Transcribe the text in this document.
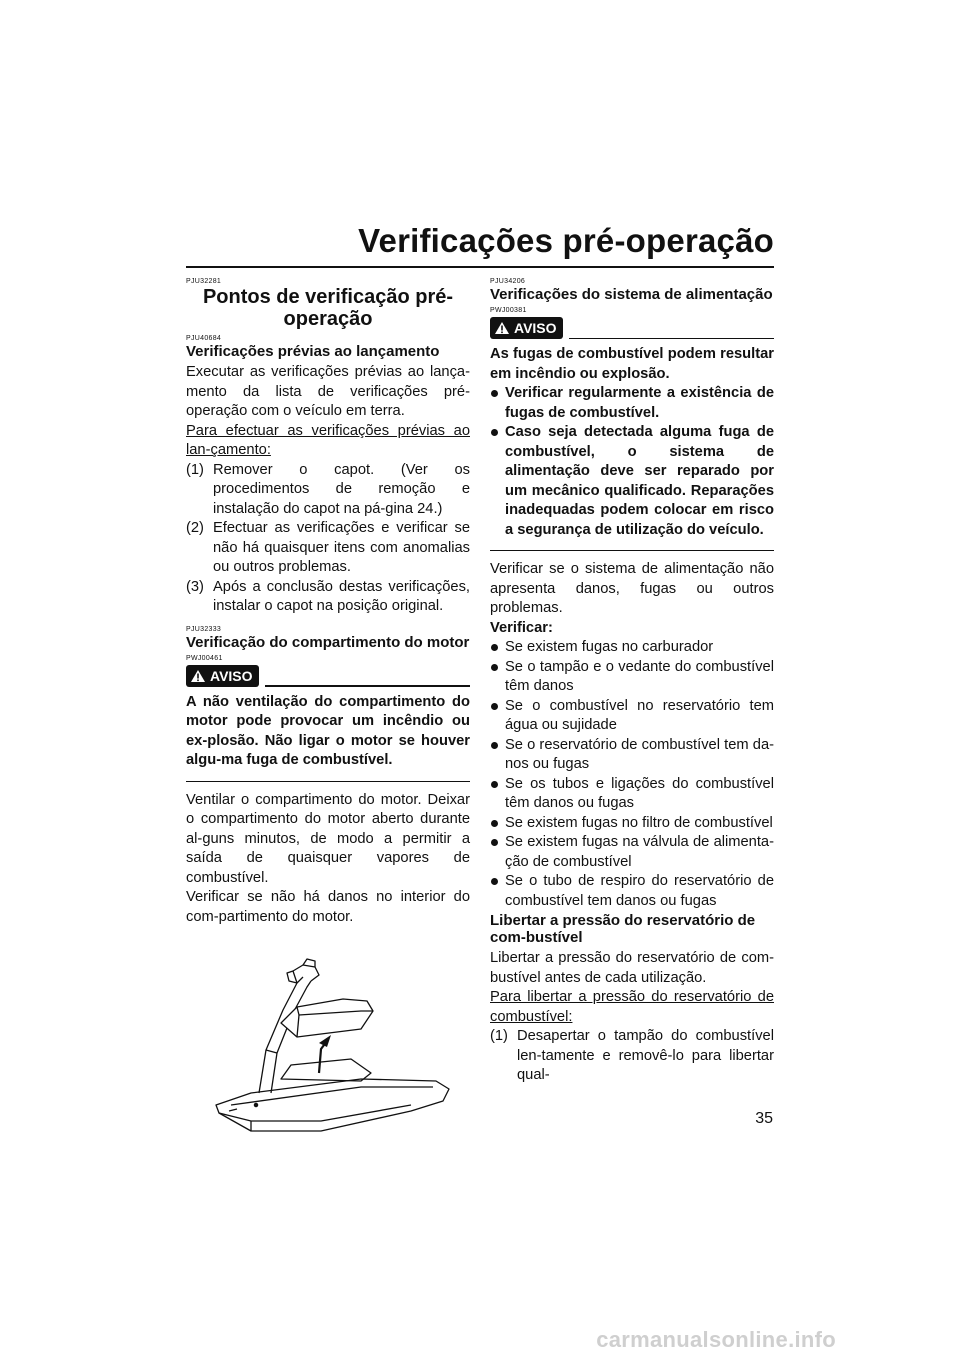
Verificações pré-operação
PJU32281
Pontos de verificação pré-
operação
PJU40684
Verificações prévias ao lançamento

Executar as verificações prévias ao lança-mento da lista de verificações pré-operação com o veículo em terra.

Para efectuar as verificações prévias ao lan-çamento:

(1) Remover o capot. (Ver os procedimentos de remoção e instalação do capot na pá-gina 24.)
(2) Efectuar as verificações e verificar se não há quaisquer itens com anomalias ou outros problemas.
(3) Após a conclusão destas verificações, instalar o capot na posição original.
PJU32333
Verificação do compartimento do motor
PWJ00461
AVISO

A não ventilação do compartimento do motor pode provocar um incêndio ou ex-plosão. Não ligar o motor se houver algu-ma fuga de combustível.

Ventilar o compartimento do motor. Deixar o compartimento do motor aberto durante al-guns minutos, de modo a permitir a saída de quaisquer vapores de combustível.

Verificar se não há danos no interior do com-partimento do motor.

PJU34206
Verificações do sistema de alimentação
PWJ00381
AVISO

As fugas de combustível podem resultar em incêndio ou explosão.

Verificar regularmente a existência de fugas de combustível.
Caso seja detectada alguma fuga de combustível, o sistema de alimentação deve ser reparado por um mecânico qualificado. Reparações inadequadas podem colocar em risco a segurança de utilização do veículo.

Verificar se o sistema de alimentação não apresenta danos, fugas ou outros problemas.

Verificar:

Se existem fugas no carburador
Se o tampão e o vedante do combustível têm danos
Se o combustível no reservatório tem água ou sujidade
Se o reservatório de combustível tem da-nos ou fugas
Se os tubos e ligações do combustível têm danos ou fugas
Se existem fugas no filtro de combustível
Se existem fugas na válvula de alimenta-ção de combustível
Se o tubo de respiro do reservatório de combustível tem danos ou fugas
Libertar a pressão do reservatório de com-bustível

Libertar a pressão do reservatório de com-bustível antes de cada utilização.

Para libertar a pressão do reservatório de combustível:

(1) Desapertar o tampão do combustível len-tamente e removê-lo para libertar qual-
35
carmanualsonline.info
